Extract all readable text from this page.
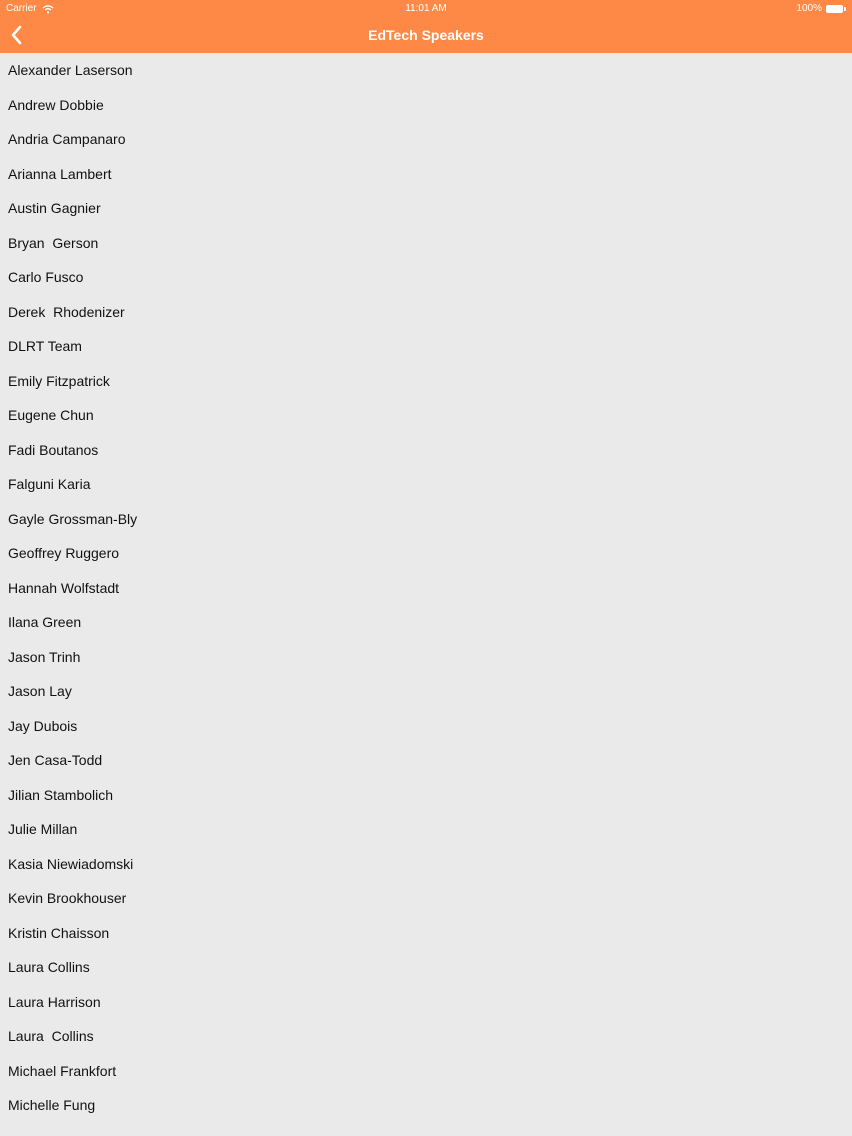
Carrier	11:01 AM	100%
EdTech Speakers
Alexander Laserson
Andrew Dobbie
Andria Campanaro
Arianna Lambert
Austin Gagnier
Bryan  Gerson
Carlo Fusco
Derek  Rhodenizer
DLRT Team
Emily Fitzpatrick
Eugene Chun
Fadi Boutanos
Falguni Karia
Gayle Grossman-Bly
Geoffrey Ruggero
Hannah Wolfstadt
Ilana Green
Jason Trinh
Jason Lay
Jay Dubois
Jen Casa-Todd
Jilian Stambolich
Julie Millan
Kasia Niewiadomski
Kevin Brookhouser
Kristin Chaisson
Laura Collins
Laura Harrison
Laura  Collins
Michael Frankfort
Michelle Fung
